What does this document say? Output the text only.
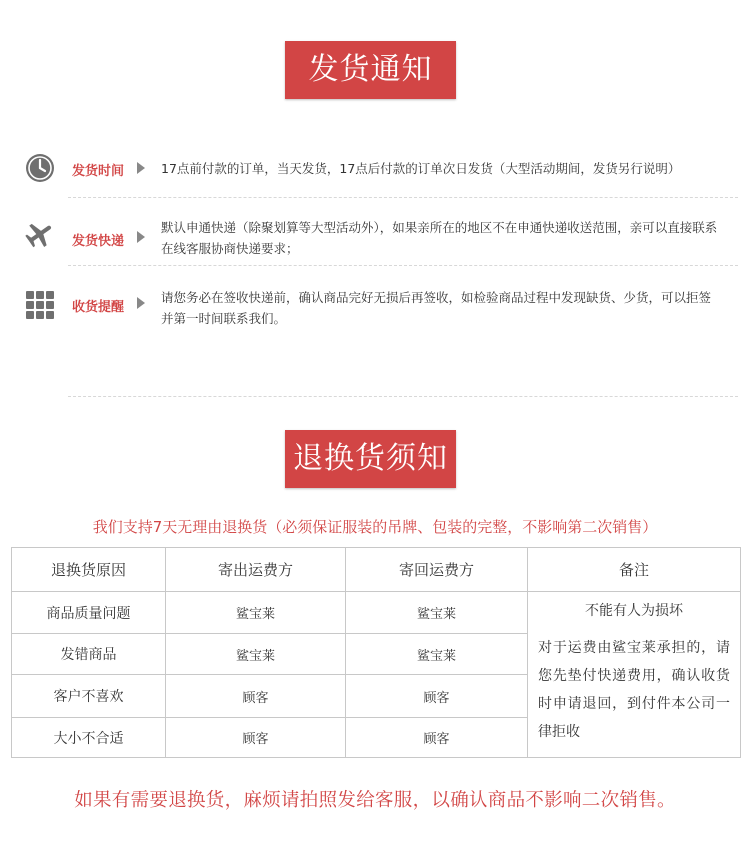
发货通知
发货时间	17点前付款的订单，当天发货，17点后付款的订单次日发货（大型活动期间，发货另行说明）
发货快递
默认申通快递（除聚划算等大型活动外），如果亲所在的地区不在申通快递收送范围，亲可以直接联系在线客服协商快递要求；
收货提醒
请您务必在签收快递前，确认商品完好无损后再签收，如检验商品过程中发现缺货、少货，可以拒签并第一时间联系我们。
退换货须知
我们支持7天无理由退换货（必须保证服装的吊牌、包装的完整，不影响第二次销售）
退换货原因	寄出运费方	寄回运费方	备注
商品质量问题	鲨宝莱	鲨宝莱	不能有人为损坏
对于运费由鲨宝莱承担的，请您先垫付快递费用，确认收货时申请退回，到付件本公司一律拒收

发错商品	鲨宝莱	鲨宝莱	
客户不喜欢	顾客	顾客	
大小不合适	顾客	顾客	
如果有需要退换货，麻烦请拍照发给客服，以确认商品不影响二次销售。
